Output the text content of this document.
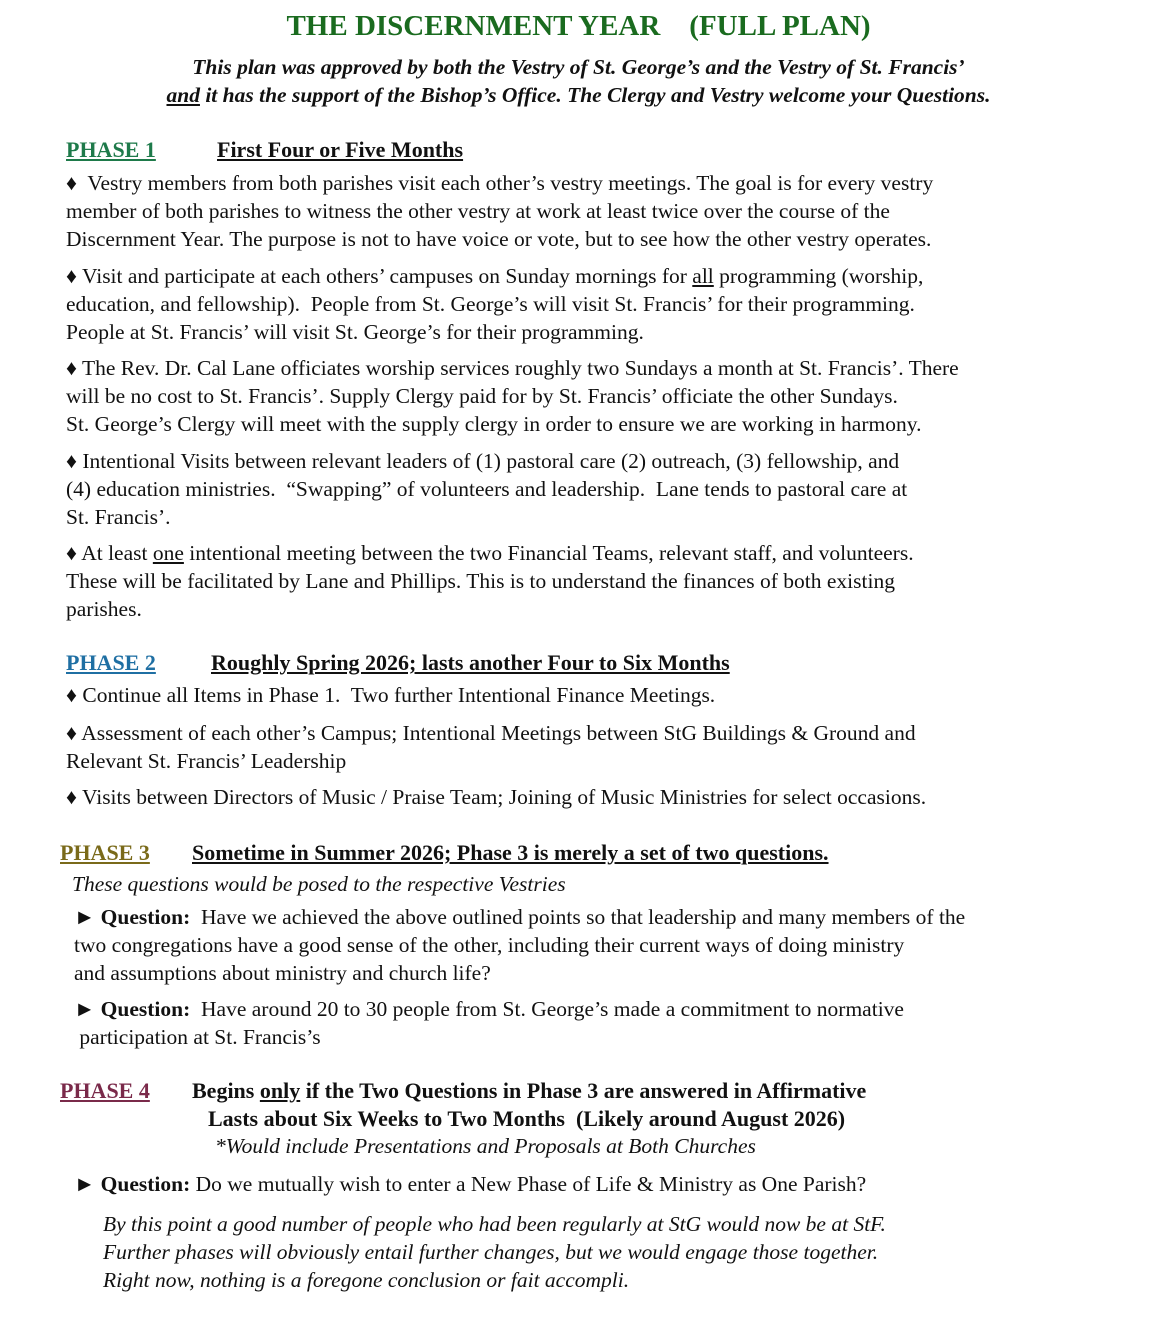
THE DISCERNMENT YEAR    (FULL PLAN)
This plan was approved by both the Vestry of St. George’s and the Vestry of St. Francis’
and it has the support of the Bishop’s Office. The Clergy and Vestry welcome your Questions.
PHASE 1	First Four or Five Months
♦  Vestry members from both parishes visit each other’s vestry meetings. The goal is for every vestry
member of both parishes to witness the other vestry at work at least twice over the course of the
Discernment Year. The purpose is not to have voice or vote, but to see how the other vestry operates.
♦ Visit and participate at each others’ campuses on Sunday mornings for all programming (worship,
education, and fellowship).  People from St. George’s will visit St. Francis’ for their programming.
People at St. Francis’ will visit St. George’s for their programming.
♦ The Rev. Dr. Cal Lane officiates worship services roughly two Sundays a month at St. Francis’. There
will be no cost to St. Francis’. Supply Clergy paid for by St. Francis’ officiate the other Sundays.
St. George’s Clergy will meet with the supply clergy in order to ensure we are working in harmony.
♦ Intentional Visits between relevant leaders of (1) pastoral care (2) outreach, (3) fellowship, and
(4) education ministries.  “Swapping” of volunteers and leadership.  Lane tends to pastoral care at
St. Francis’.
♦ At least one intentional meeting between the two Financial Teams, relevant staff, and volunteers.
These will be facilitated by Lane and Phillips. This is to understand the finances of both existing
parishes.
PHASE 2	Roughly Spring 2026; lasts another Four to Six Months
♦ Continue all Items in Phase 1.  Two further Intentional Finance Meetings.
♦ Assessment of each other’s Campus; Intentional Meetings between StG Buildings & Ground and
Relevant St. Francis’ Leadership
♦ Visits between Directors of Music / Praise Team; Joining of Music Ministries for select occasions.
PHASE 3 Sometime in Summer 2026; Phase 3 is merely a set of two questions.
These questions would be posed to the respective Vestries
► Question:  Have we achieved the above outlined points so that leadership and many members of the
two congregations have a good sense of the other, including their current ways of doing ministry
and assumptions about ministry and church life?
► Question:  Have around 20 to 30 people from St. George’s made a commitment to normative
participation at St. Francis’s
PHASE 4 Begins only if the Two Questions in Phase 3 are answered in Affirmative
Lasts about Six Weeks to Two Months  (Likely around August 2026)
*Would include Presentations and Proposals at Both Churches
► Question: Do we mutually wish to enter a New Phase of Life & Ministry as One Parish?
By this point a good number of people who had been regularly at StG would now be at StF.
Further phases will obviously entail further changes, but we would engage those together.
Right now, nothing is a foregone conclusion or fait accompli.
